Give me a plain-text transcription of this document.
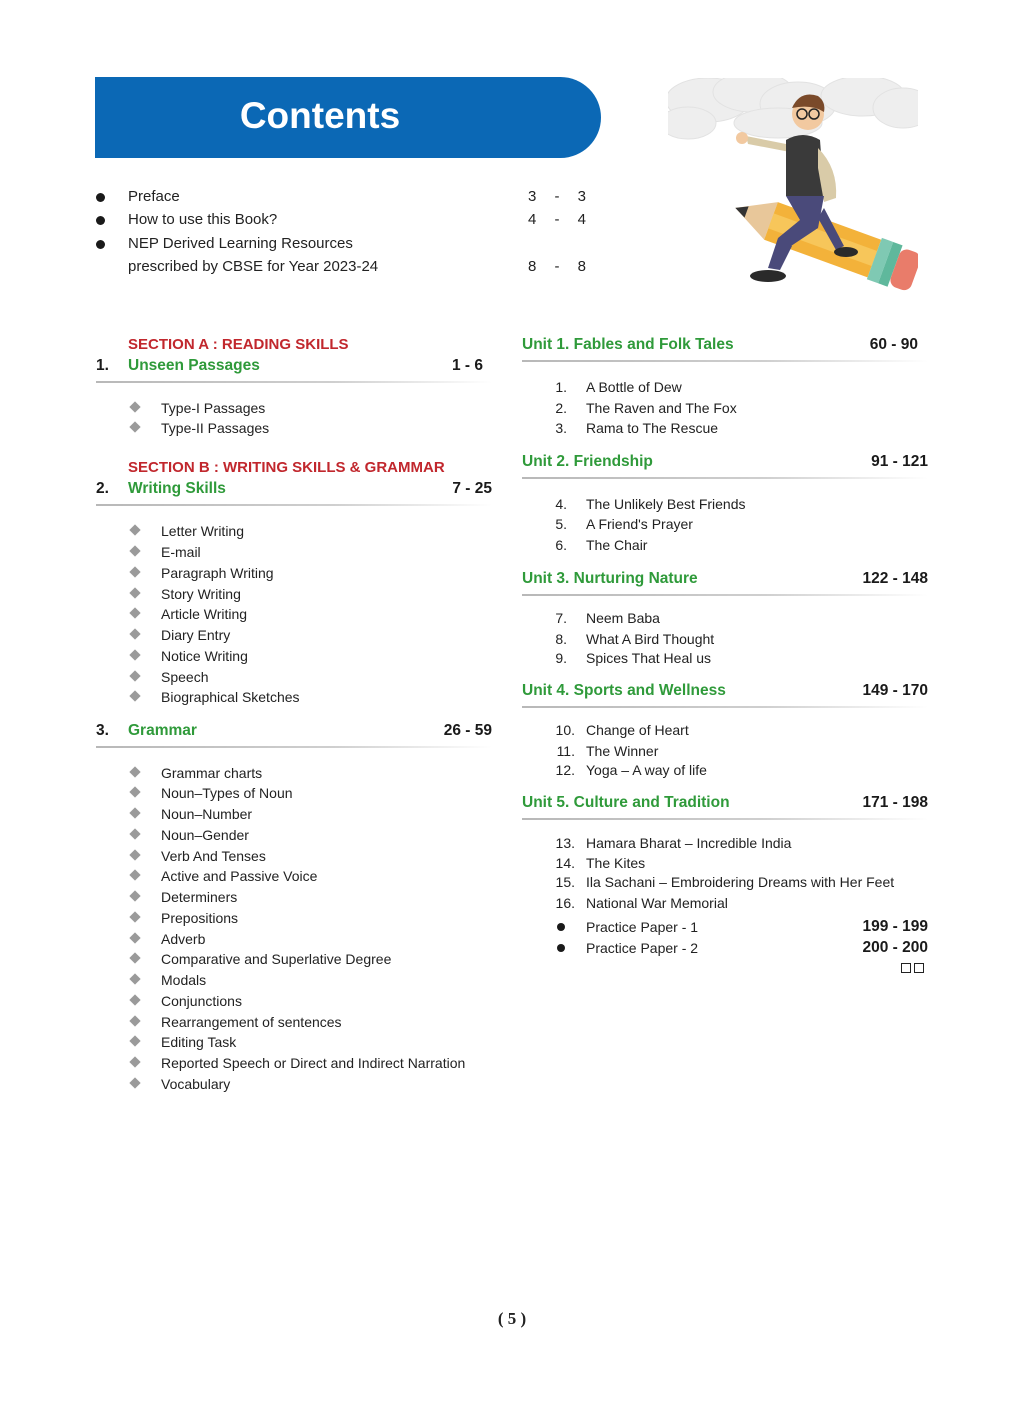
Contents
Preface	3 - 3
How to use this Book?	4 - 4
NEP Derived Learning Resources
prescribed by CBSE for Year 2023-24	8 - 8
SECTION A : READING SKILLS
1. Unseen Passages	1 - 6
Type-I Passages
Type-II Passages
SECTION B : WRITING SKILLS & GRAMMAR
2. Writing Skills	7 - 25
Letter Writing
E-mail
Paragraph Writing
Story Writing
Article Writing
Diary Entry
Notice Writing
Speech
Biographical Sketches
3. Grammar	26 - 59
Grammar charts
Noun–Types of Noun
Noun–Number
Noun–Gender
Verb And Tenses
Active and Passive Voice
Determiners
Prepositions
Adverb
Comparative and Superlative Degree
Modals
Conjunctions
Rearrangement of sentences
Editing Task
Reported Speech or Direct and Indirect Narration
Vocabulary
Unit 1. Fables and Folk Tales	60 - 90
1. A Bottle of Dew
2. The Raven and The Fox
3. Rama to The Rescue
Unit 2. Friendship	91 - 121
4. The Unlikely Best Friends
5. A Friend's Prayer
6. The Chair
Unit 3. Nurturing Nature	122 - 148
7. Neem Baba
8. What A Bird Thought
9. Spices That Heal us
Unit 4. Sports and Wellness	149 - 170
10. Change of Heart
11. The Winner
12. Yoga – A way of life
Unit 5. Culture and Tradition	171 - 198
13. Hamara Bharat – Incredible India
14. The Kites
15. Ila Sachani – Embroidering Dreams with Her Feet
16. National War Memorial
Practice Paper - 1	199 - 199
Practice Paper - 2	200 - 200
( 5 )
